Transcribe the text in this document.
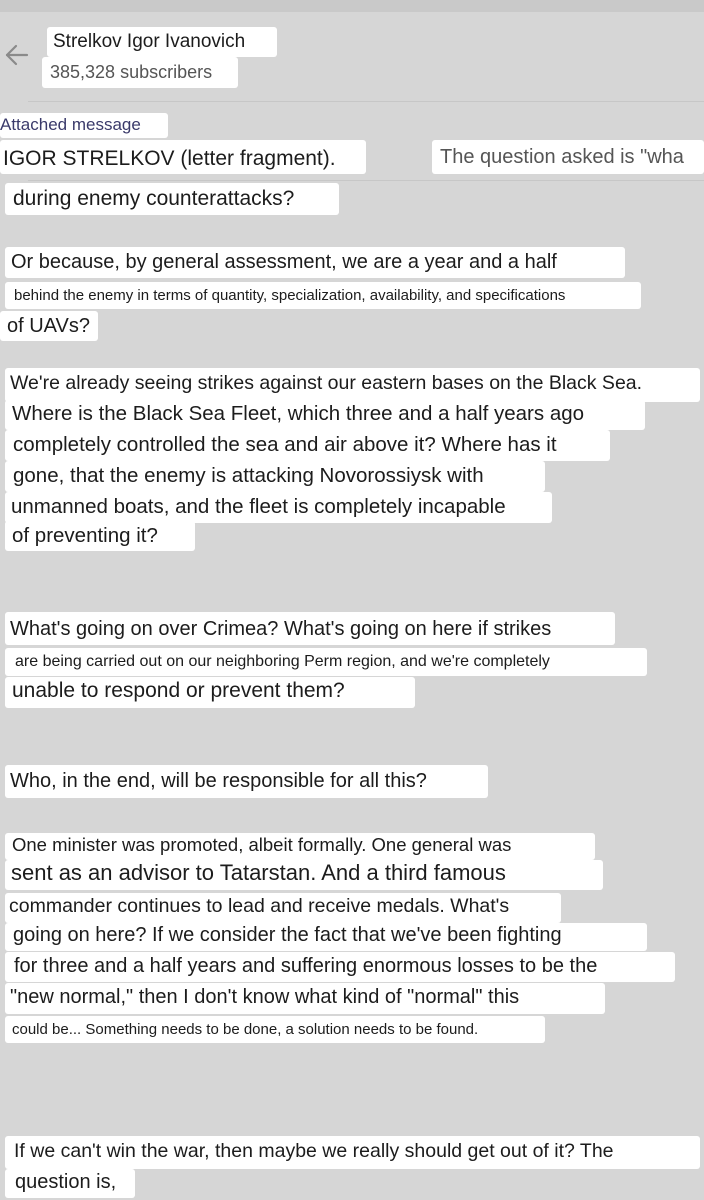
Strelkov Igor Ivanovich
385,328 subscribers
Attached message
IGOR STRELKOV (letter fragment).	The question asked is "wha
during enemy counterattacks?
Or because, by general assessment, we are a year and a half
behind the enemy in terms of quantity, specialization, availability, and specifications
of UAVs?
We're already seeing strikes against our eastern bases on the Black Sea.
Where is the Black Sea Fleet, which three and a half years ago
completely controlled the sea and air above it? Where has it
gone, that the enemy is attacking Novorossiysk with
unmanned boats, and the fleet is completely incapable
of preventing it?
What's going on over Crimea? What's going on here if strikes
are being carried out on our neighboring Perm region, and we're completely
unable to respond or prevent them?
Who, in the end, will be responsible for all this?
One minister was promoted, albeit formally. One general was
sent as an advisor to Tatarstan. And a third famous
commander continues to lead and receive medals. What's
going on here? If we consider the fact that we've been fighting
for three and a half years and suffering enormous losses to be the
"new normal," then I don't know what kind of "normal" this
could be... Something needs to be done, a solution needs to be found.
If we can't win the war, then maybe we really should get out of it? The
question is,
